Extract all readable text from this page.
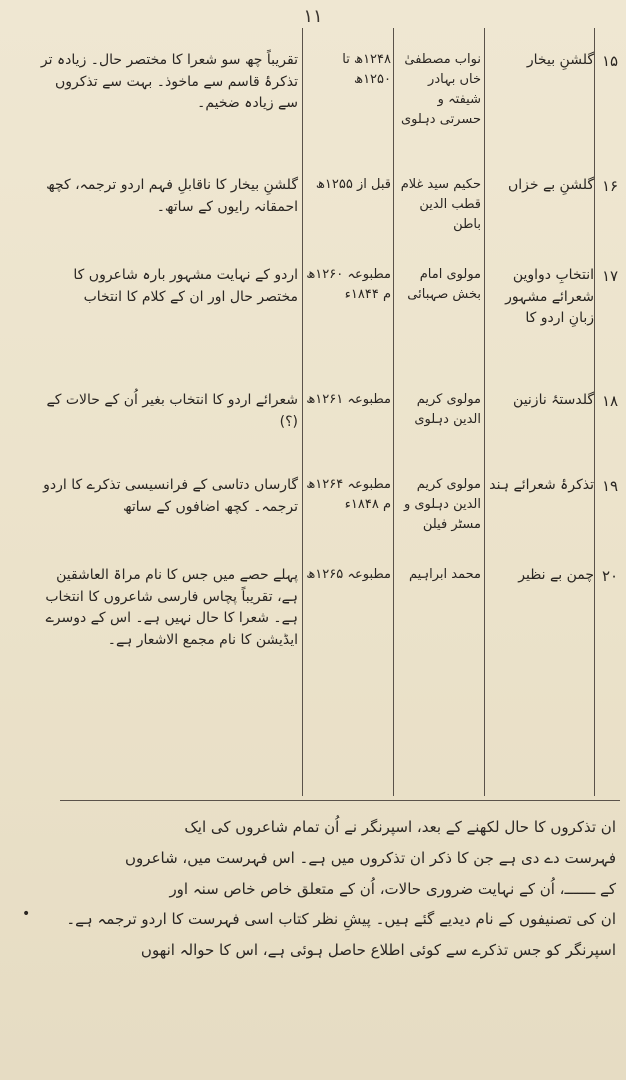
۱۱
۱۵
گلشنِ بیخار
نواب مصطفیٰ خاں بہادر شیفتہ و حسرتی دہلوی
۱۲۴۸ھ تا ۱۲۵۰ھ
تقریباً چھ سو شعرا کا مختصر حال۔ زیادہ تر تذکرۂ قاسم سے ماخوذ۔ بہت سے تذکروں سے زیادہ ضخیم۔
۱۶
گلشنِ بے خزاں
حکیم سید غلام قطب الدین باطن
قبل از ۱۲۵۵ھ
گلشنِ بیخار کا ناقابلِ فہم اردو ترجمہ، کچھ احمقانہ رایوں کے ساتھ۔
۱۷
انتخابِ دواوین شعرائے مشہور زبانِ اردو کا
مولوی امام بخش صہبائی
مطبوعہ ۱۲۶۰ھ م ۱۸۴۴ء
اردو کے نہایت مشہور بارہ شاعروں کا مختصر حال اور ان کے کلام کا انتخاب
۱۸
گلدستۂ نازنین
مولوی کریم الدین دہلوی
مطبوعہ ۱۲۶۱ھ
شعرائے اردو کا انتخاب بغیر اُن کے حالات کے (؟)
۱۹
تذکرۂ شعرائے ہند
مولوی کریم الدین دہلوی و مسٹر فیلن
مطبوعہ ۱۲۶۴ھ م ۱۸۴۸ء
گارساں دتاسی کے فرانسیسی تذکرے کا اردو ترجمہ۔ کچھ اضافوں کے ساتھ
۲۰
چمن بے نظیر
محمد ابراہیم
مطبوعہ ۱۲۶۵ھ
پہلے حصے میں جس کا نام مراۃ العاشقین ہے، تقریباً پچاس فارسی شاعروں کا انتخاب ہے۔ شعرا کا حال نہیں ہے۔ اس کے دوسرے ایڈیشن کا نام مجمع الاشعار ہے۔
ان تذکروں کا حال لکھنے کے بعد، اسپرنگر نے اُن تمام شاعروں کی ایک
فہرست دے دی ہے جن کا ذکر ان تذکروں میں ہے۔ اس فہرست میں، شاعروں
کے ـــــــ، اُن کے نہایت ضروری حالات، اُن کے متعلق خاص خاص سنہ اور
ان کی تصنیفوں کے نام دیدیے گئے ہیں۔ پیشِ نظر کتاب اسی فہرست کا اردو ترجمہ ہے۔
اسپرنگر کو جس تذکرے سے کوئی اطلاع حاصل ہوئی ہے، اس کا حوالہ انھوں
•
